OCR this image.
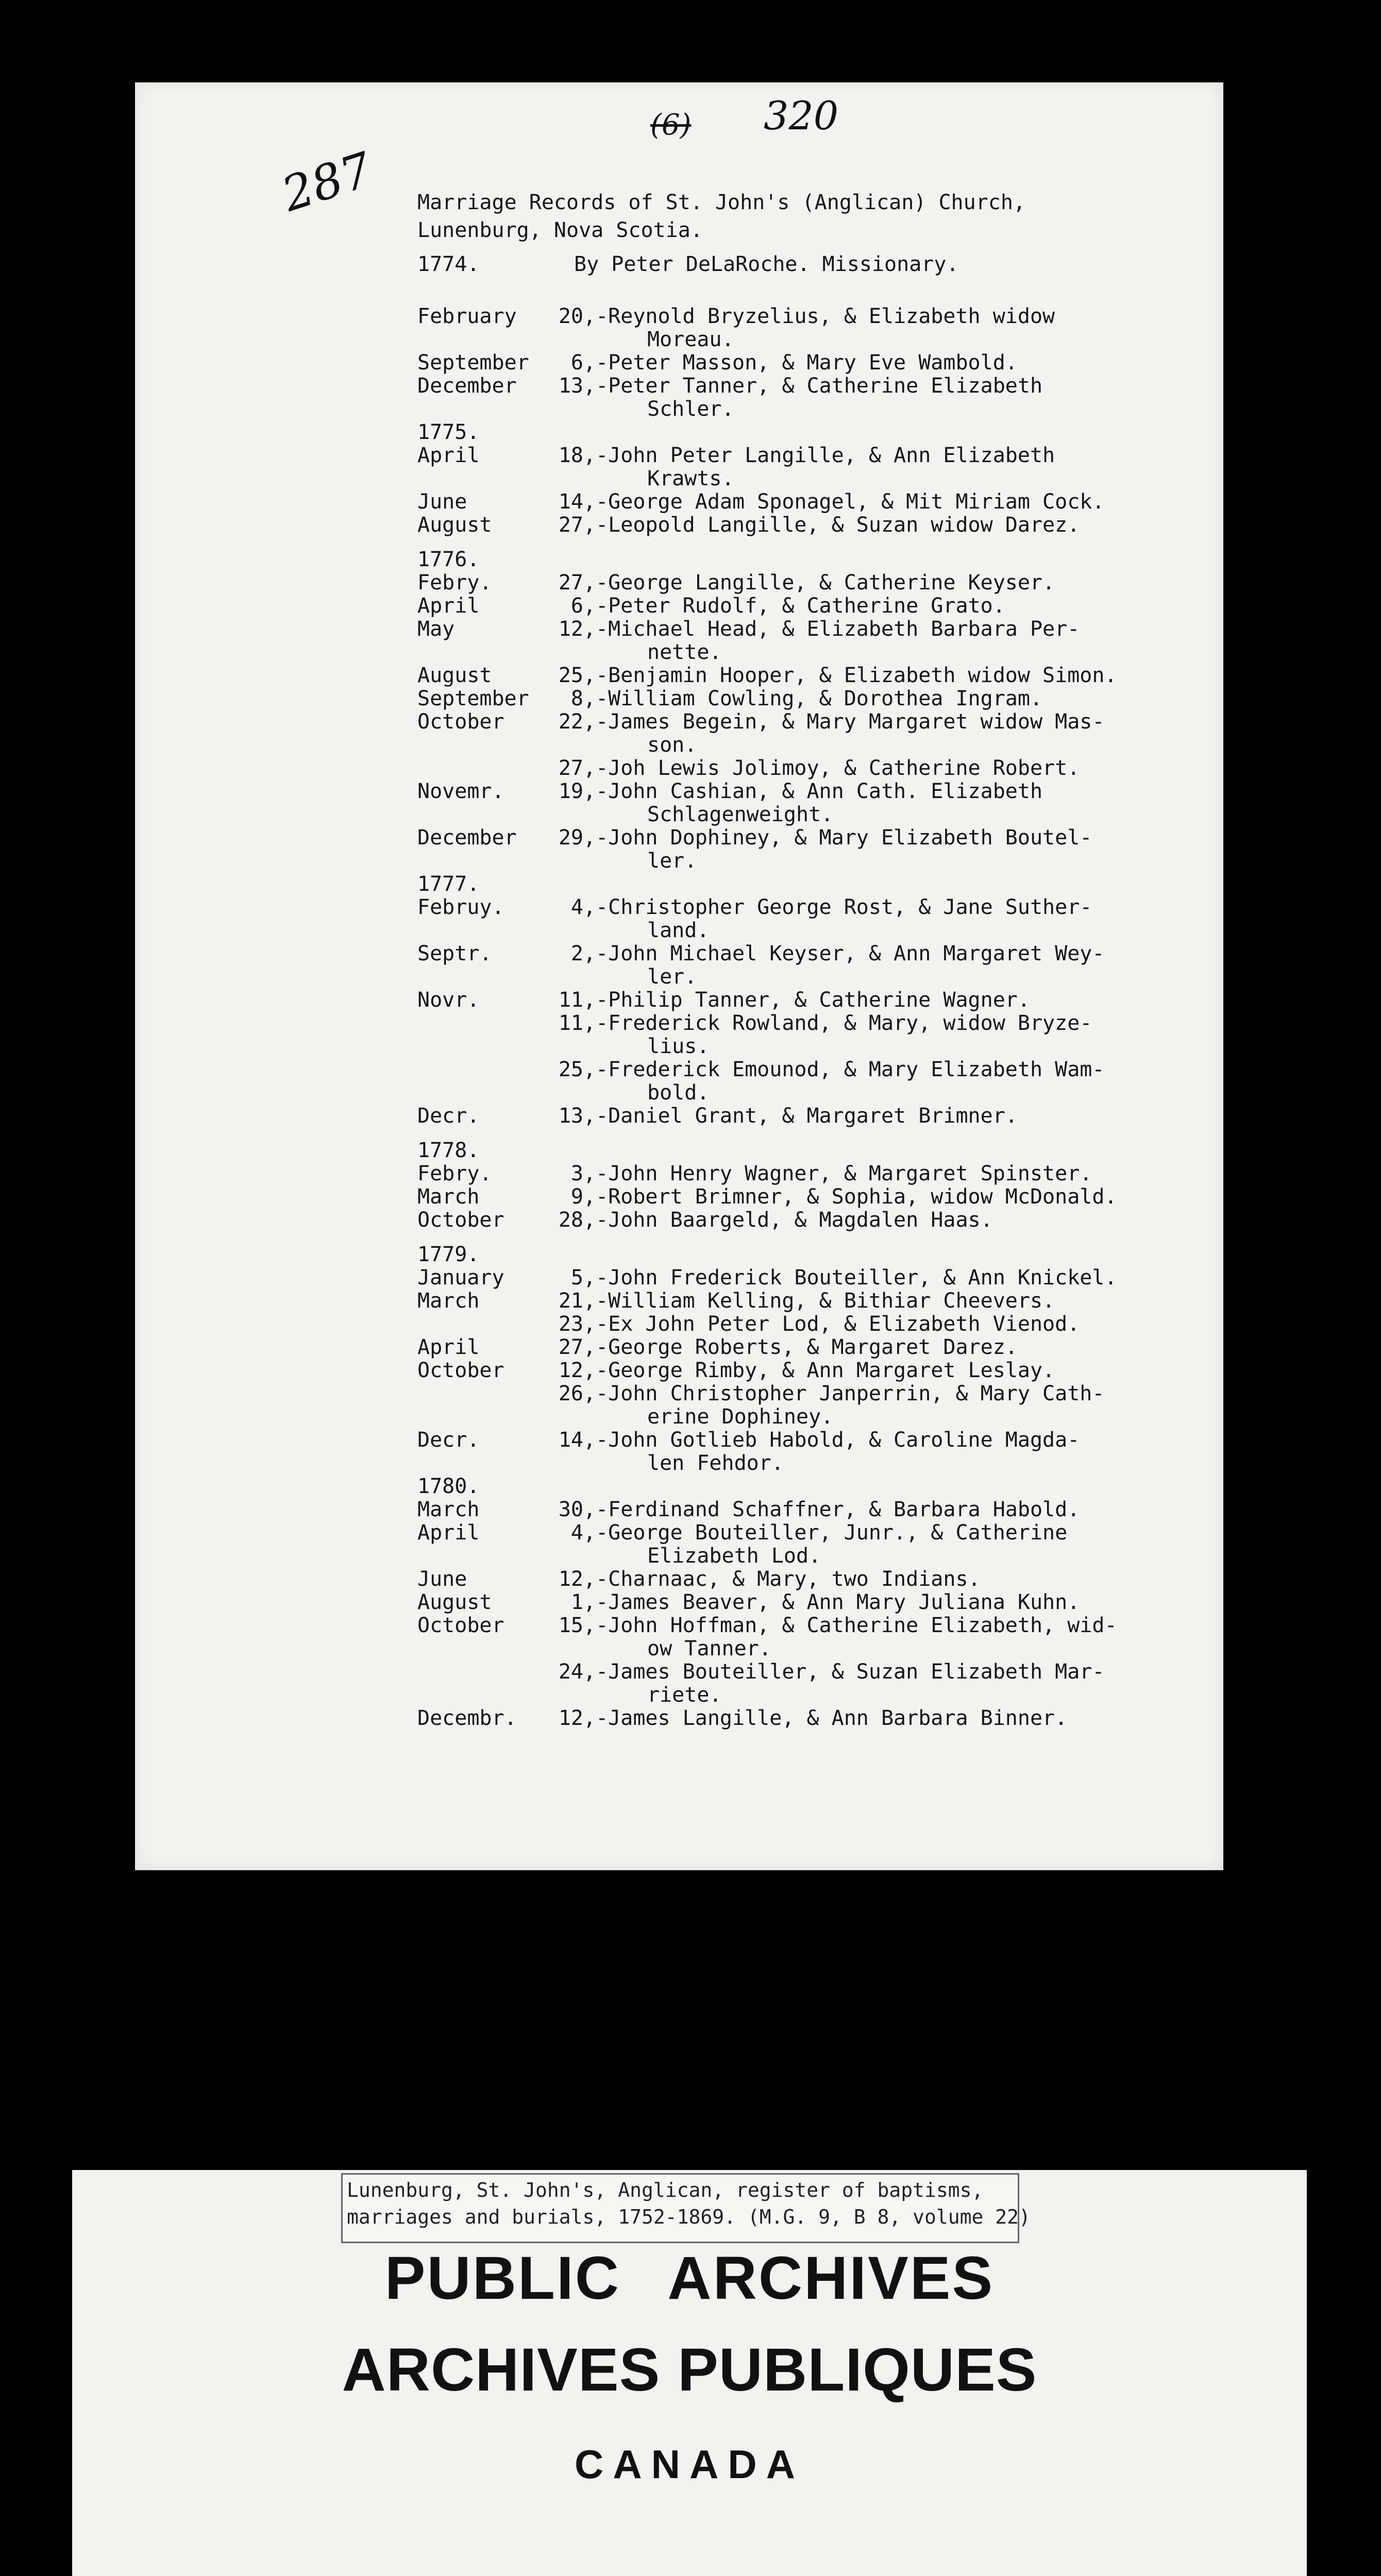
287
(6) 320
Marriage Records of St. John's (Anglican) Church,
Lunenburg, Nova Scotia.
1774.	By Peter DeLaRoche. Missionary.
February	20 ,-Reynold Bryzelius, & Elizabeth widow
Moreau.
September	6 ,-Peter Masson, & Mary Eve Wambold.
December	13 ,-Peter Tanner, & Catherine Elizabeth
Schler.
1775.
April	18 ,-John Peter Langille, & Ann Elizabeth
Krawts.
June	14 ,-George Adam Sponagel, & Mit Miriam Cock.
August	27 ,-Leopold Langille, & Suzan widow Darez.
1776.
Febry.	27 ,-George Langille, & Catherine Keyser.
April	6 ,-Peter Rudolf, & Catherine Grato.
May	12 ,-Michael Head, & Elizabeth Barbara Per-
nette.
August	25 ,-Benjamin Hooper, & Elizabeth widow Simon.
September	8 ,-William Cowling, & Dorothea Ingram.
October	22 ,-James Begein, & Mary Margaret widow Mas-
son.
27 ,-Joh Lewis Jolimoy, & Catherine Robert.
Novemr.	19 ,-John Cashian, & Ann Cath. Elizabeth
Schlagenweight.
December	29 ,-John Dophiney, & Mary Elizabeth Boutel-
ler.
1777.
Februy.	4 ,-Christopher George Rost, & Jane Suther-
land.
Septr.	2 ,-John Michael Keyser, & Ann Margaret Wey-
ler.
Novr.	11 ,-Philip Tanner, & Catherine Wagner.
11 ,-Frederick Rowland, & Mary, widow Bryze-
lius.
25 ,-Frederick Emounod, & Mary Elizabeth Wam-
bold.
Decr.	13 ,-Daniel Grant, & Margaret Brimner.
1778.
Febry.	3 ,-John Henry Wagner, & Margaret Spinster.
March	9 ,-Robert Brimner, & Sophia, widow McDonald.
October	28 ,-John Baargeld, & Magdalen Haas.
1779.
January	5 ,-John Frederick Bouteiller, & Ann Knickel.
March	21 ,-William Kelling, & Bithiar Cheevers.
23 ,-Ex John Peter Lod, & Elizabeth Vienod.
April	27 ,-George Roberts, & Margaret Darez.
October	12 ,-George Rimby, & Ann Margaret Leslay.
26 ,-John Christopher Janperrin, & Mary Cath-
erine Dophiney.
Decr.	14 ,-John Gotlieb Habold, & Caroline Magda-
len Fehdor.
1780.
March	30 ,-Ferdinand Schaffner, & Barbara Habold.
April	4 ,-George Bouteiller, Junr., & Catherine
Elizabeth Lod.
June	12 ,-Charnaac, & Mary, two Indians.
August	1 ,-James Beaver, & Ann Mary Juliana Kuhn.
October	15 ,-John Hoffman, & Catherine Elizabeth, wid-
ow Tanner.
24 ,-James Bouteiller, & Suzan Elizabeth Mar-
riete.
Decembr.	12 ,-James Langille, & Ann Barbara Binner.
Lunenburg, St. John's, Anglican, register of baptisms,
marriages and burials, 1752-1869. (M.G. 9, B 8, volume 22)
PUBLIC ARCHIVES
ARCHIVES PUBLIQUES
CANADA
